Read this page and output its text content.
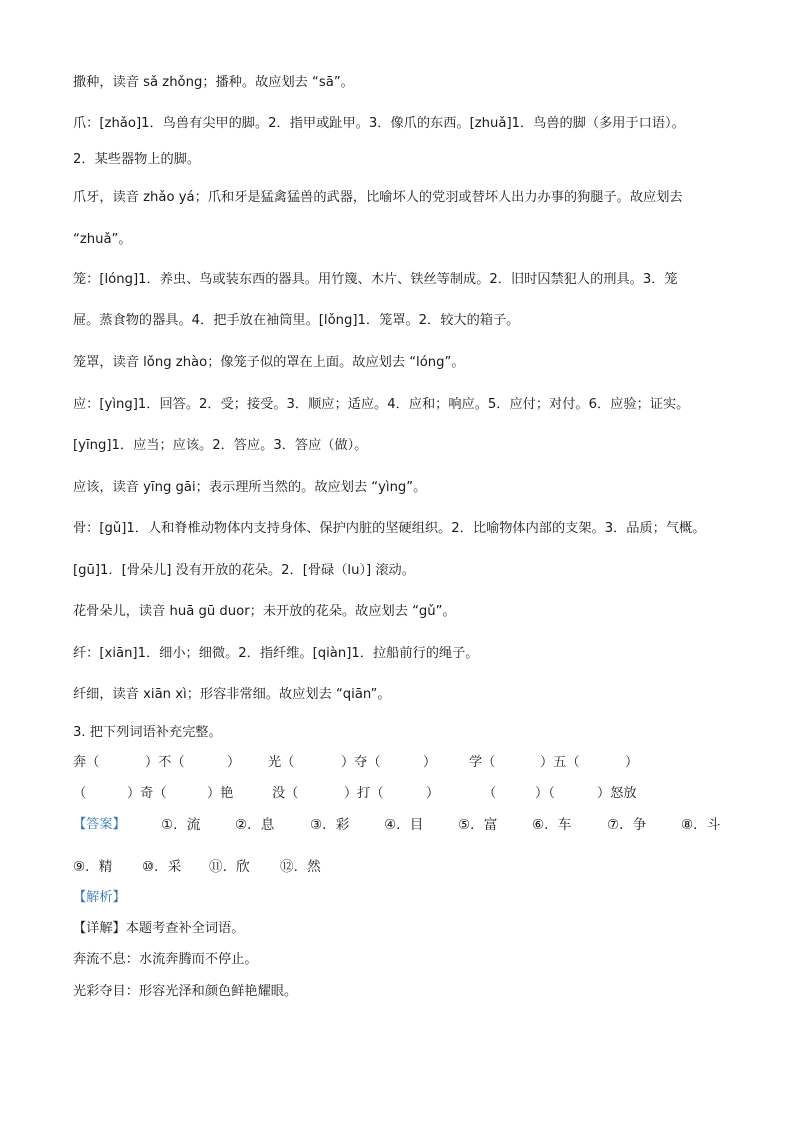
撒种，读音 sǎ zhǒng；播种。故应划去 “sā”。
爪：[zhǎo]1．鸟兽有尖甲的脚。2．指甲或趾甲。3．像爪的东西。[zhuǎ]1．鸟兽的脚（多用于口语）。
2．某些器物上的脚。
爪牙，读音 zhǎo yá；爪和牙是猛禽猛兽的武器，比喻坏人的党羽或替坏人出力办事的狗腿子。故应划去
“zhuǎ”。
笼：[lóng]1．养虫、鸟或装东西的器具。用竹篾、木片、铁丝等制成。2．旧时囚禁犯人的刑具。3．笼
屉。蒸食物的器具。4．把手放在袖筒里。[lǒng]1．笼罩。2．较大的箱子。
笼罩，读音 lǒng zhào；像笼子似的罩在上面。故应划去 “lóng”。
应：[yìng]1．回答。2．受；接受。3．顺应；适应。4．应和；响应。5．应付；对付。6．应验；证实。
[yīng]1．应当；应该。2．答应。3．答应（做）。
应该，读音 yīng gāi；表示理所当然的。故应划去 “yìng”。
骨：[gǔ]1．人和脊椎动物体内支持身体、保护内脏的坚硬组织。2．比喻物体内部的支架。3．品质；气概。
[gū]1．[骨朵儿] 没有开放的花朵。2．[骨碌（lu）] 滚动。
花骨朵儿，读音 huā gū duor；未开放的花朵。故应划去 “gǔ”。
纤：[xiān]1．细小；细微。2．指纤维。[qiàn]1．拉船前行的绳子。
纤细，读音 xiān xì；形容非常细。故应划去 “qiān”。
3. 把下列词语补充完整。
奔（	）不（	） 光（	）夺（	） 学（	）五（	）
（	）奇（	）艳	没（	）打（	）	（	）（	）怒放
【答案】	①．流	②．息	③．彩	④．目	⑤．富	⑥．车	⑦．争	⑧．斗
⑨．精 ⑩．采 ⑪．欣 ⑫．然
【解析】
【详解】本题考查补全词语。
奔流不息：水流奔腾而不停止。
光彩夺目：形容光泽和颜色鲜艳耀眼。
